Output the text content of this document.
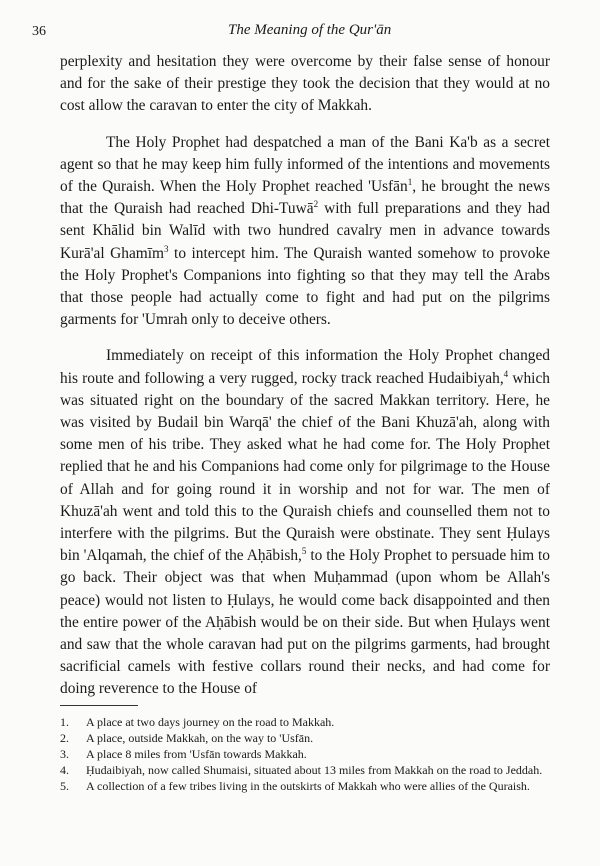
36	The Meaning of the Qur'ān

perplexity and hesitation they were overcome by their false sense of honour and for the sake of their prestige they took the decision that they would at no cost allow the caravan to enter the city of Makkah.

The Holy Prophet had despatched a man of the Bani Ka'b as a secret agent so that he may keep him fully informed of the intentions and movements of the Quraish. When the Holy Prophet reached 'Usfān$^1$, he brought the news that the Quraish had reached Dhi-Tuwā$^2$ with full preparations and they had sent Khālid bin Walīd with two hundred cavalry men in advance towards Kurā'al Ghamīm$^3$ to intercept him. The Quraish wanted somehow to provoke the Holy Prophet's Companions into fighting so that they may tell the Arabs that those people had actually come to fight and had put on the pilgrims garments for 'Umrah only to deceive others.

Immediately on receipt of this information the Holy Prophet changed his route and following a very rugged, rocky track reached Hudaibiyah,$^4$ which was situated right on the boundary of the sacred Makkan territory. Here, he was visited by Budail bin Warqā' the chief of the Bani Khuzā'ah, along with some men of his tribe. They asked what he had come for. The Holy Prophet replied that he and his Companions had come only for pilgrimage to the House of Allah and for going round it in worship and not for war. The men of Khuzā'ah went and told this to the Quraish chiefs and counselled them not to interfere with the pilgrims. But the Quraish were obstinate. They sent Ḥulays bin 'Alqamah, the chief of the Aḥābish,$^5$ to the Holy Prophet to persuade him to go back. Their object was that when Muḥammad (upon whom be Allah's peace) would not listen to Ḥulays, he would come back disappointed and then the entire power of the Aḥābish would be on their side. But when Ḥulays went and saw that the whole caravan had put on the pilgrims garments, had brought sacrificial camels with festive collars round their necks, and had come for doing reverence to the House of

1.	A place at two days journey on the road to Makkah.
2.	A place, outside Makkah, on the way to 'Usfān.
3.	A place 8 miles from 'Usfān towards Makkah.
4.	Ḥudaibiyah, now called Shumaisi, situated about 13 miles from Makkah on the road to Jeddah.
5.	A collection of a few tribes living in the outskirts of Makkah who were allies of the Quraish.
